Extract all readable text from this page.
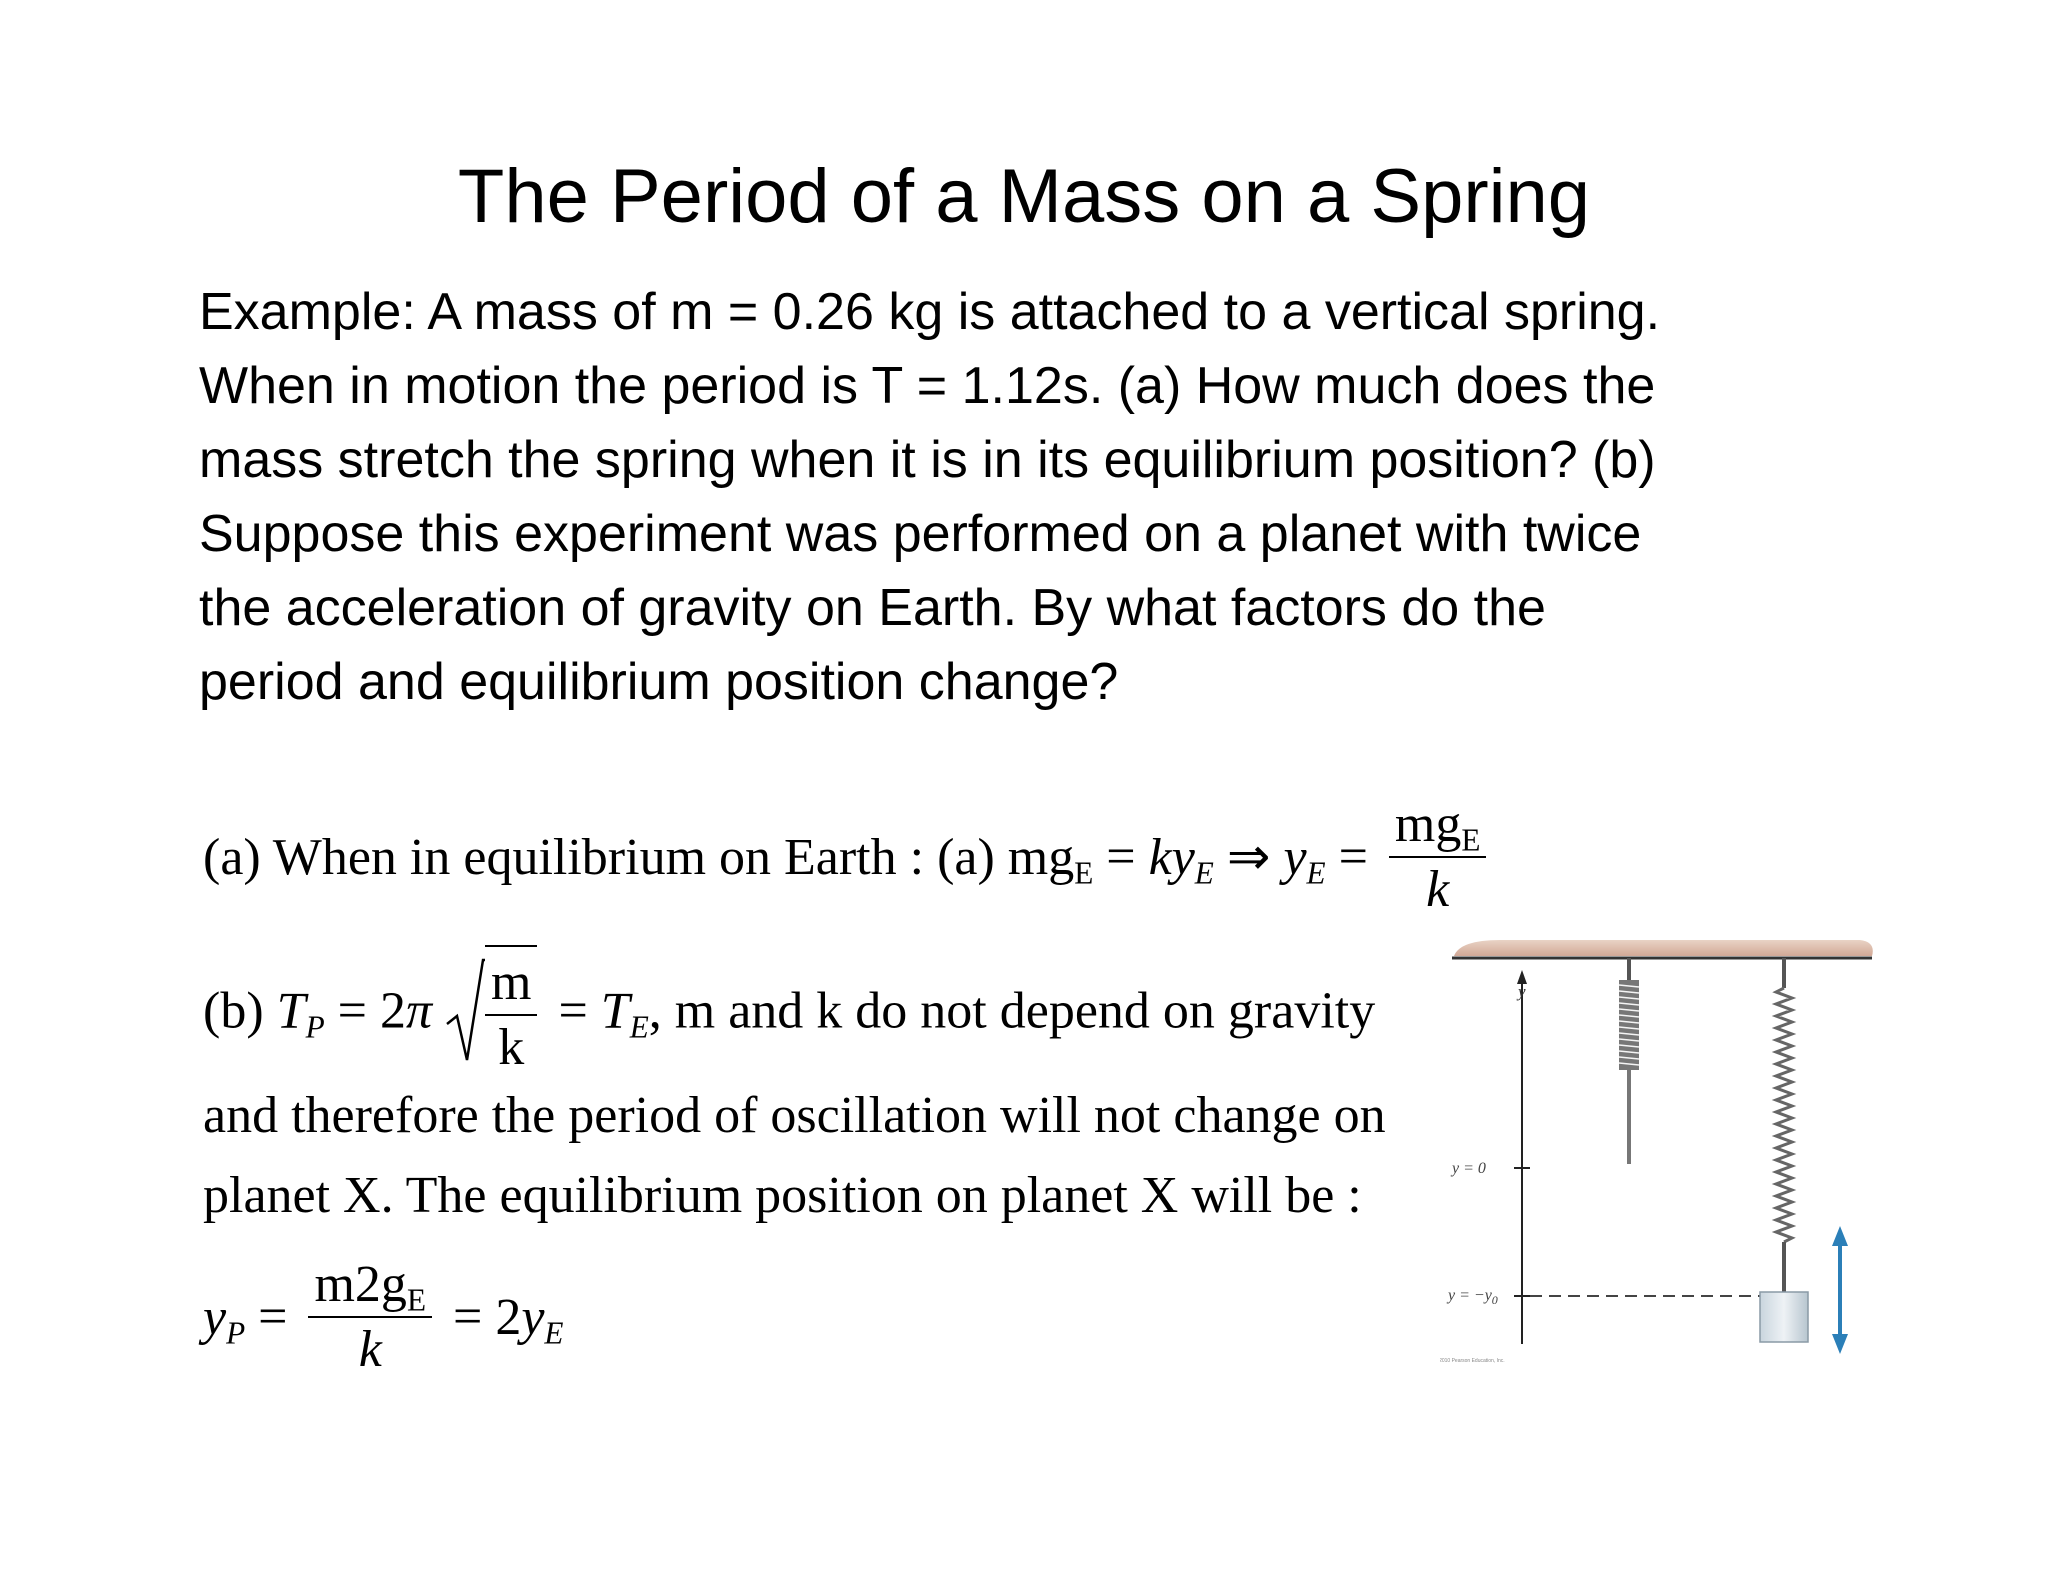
The Period of a Mass on a Spring
Example: A mass of m = 0.26 kg is attached to a vertical spring.
When in motion the period is T = 1.12s. (a) How much does the
mass stretch the spring when it is in its equilibrium position? (b)
Suppose this experiment was performed on a planet with twice
the acceleration of gravity on Earth. By what factors do the
period and equilibrium position change?
(a) When in equilibrium on Earth : (a) $mg_E = ky_E$ ⇒ $y_E = \frac{mg_E}{k}$
(b) $T_P = 2\pi \frac{m}{k} = T_E$, m and k do not depend on gravity
and therefore the period of oscillation will not change on
planet X. The equilibrium position on planet X will be :
$y_P = \frac{m2g_E}{k} = 2y_E$
y
y = 0
$y = -y_0$
© 2010 Pearson Education, Inc.
